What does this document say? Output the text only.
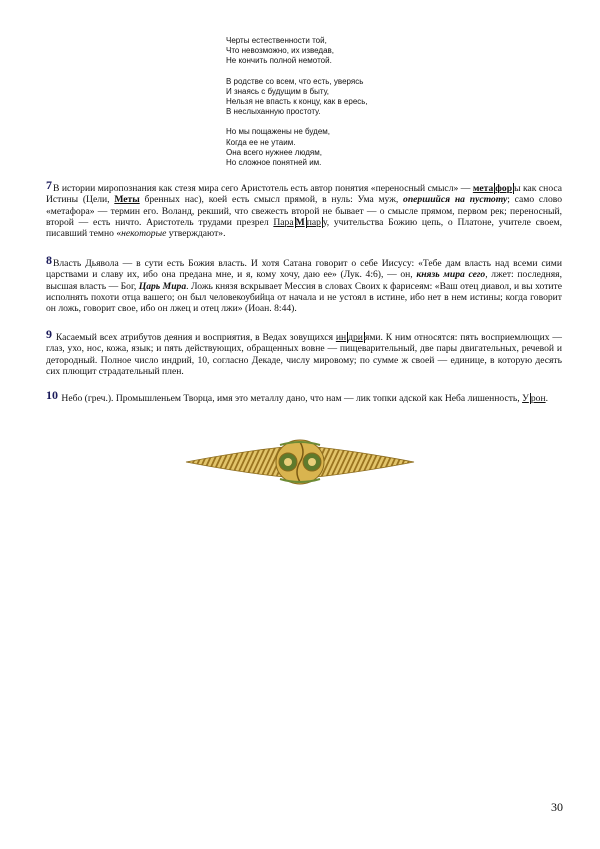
Черты естественности той,
Что невозможно, их изведав,
Не кончить полной немотой.
В родстве со всем, что есть, уверясь
И знаясь с будущим в быту,
Нельзя не впасть к концу, как в ересь,
В неслыханную простоту.
Но мы пощажены не будем,
Когда ее не утаим.
Она всего нужнее людям,
Но сложное понятней им.
7В истории миропознания как стезя мира сего Аристотель есть автор понятия «переносный смысл» — мета фор ы как сноса Истины (Цели, Меты бренных нас), коей есть смысл прямой, в нуль: Ума муж, опершийся на пустоту; само слово «метафора» — термин его. Воланд, рекший, что свежесть второй не бывает — о смысле прямом, первом рек; переносный, второй — есть ничто. Аристотель трудами презрел Пара М пар у, учительства Божию цепь, о Платоне, учителе своем, писавший темно «некоторые утверждают».
8Власть Дьявола — в сути есть Божия власть. И хотя Сатана говорит о себе Иисусу: «Тебе дам власть над всеми сими царствами и славу их, ибо она предана мне, и я, кому хочу, даю ее» (Лук. 4:6), — он, князь мира сего, лжет: последняя, высшая власть — Бог, Царь Мира. Ложь князя вскрывает Мессия в словах Своих к фарисеям: «Ваш отец диавол, и вы хотите исполнять похоти отца вашего; он был человекоубийца от начала и не устоял в истине, ибо нет в нем истины; когда говорит он ложь, говорит свое, ибо он лжец и отец лжи» (Иоан. 8:44).
9 Касаемый всех атрибутов деяния и восприятия, в Ведах зовущихся ин дри ями. К ним относятся: пять восприемлющих — глаз, ухо, нос, кожа, язык; и пять действующих, обращенных вовне — пищеварительный, две пары двигательных, речевой и детородный. Полное число индрий, 10, согласно Декаде, числу мировому; по сумме ж своей — единице, в которую десять сих плющит страдательный плен.
10 Небо (греч.). Промышленьем Творца, имя это металлу дано, что нам — лик топки адской как Неба лишенность, У рон.
30
